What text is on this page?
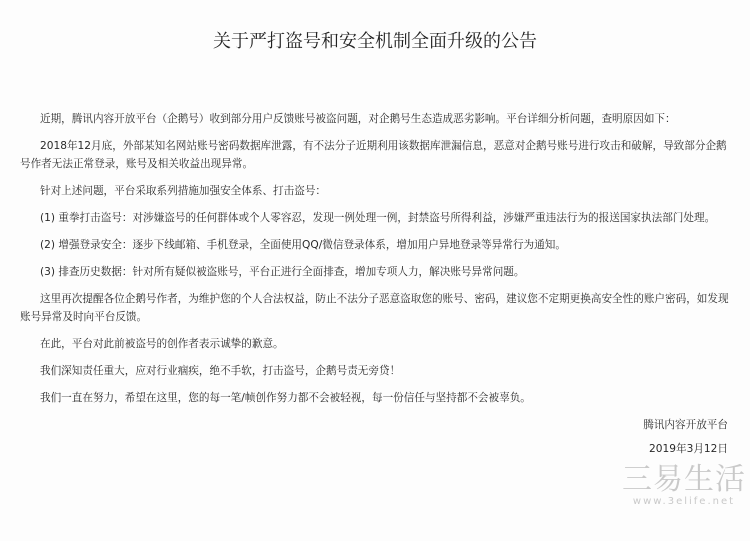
关于严打盗号和安全机制全面升级的公告

近期，腾讯内容开放平台（企鹅号）收到部分用户反馈账号被盗问题，对企鹅号生态造成恶劣影响。平台详细分析问题，查明原因如下：

2018年12月底，外部某知名网站账号密码数据库泄露，有不法分子近期利用该数据库泄漏信息，恶意对企鹅号账号进行攻击和破解，导致部分企鹅号作者无法正常登录，账号及相关收益出现异常。

针对上述问题，平台采取系列措施加强安全体系、打击盗号：

(1) 重拳打击盗号：对涉嫌盗号的任何群体或个人零容忍，发现一例处理一例，封禁盗号所得利益，涉嫌严重违法行为的报送国家执法部门处理。

(2) 增强登录安全：逐步下线邮箱、手机登录，全面使用QQ/微信登录体系，增加用户异地登录等异常行为通知。

(3) 排查历史数据：针对所有疑似被盗账号，平台正进行全面排查，增加专项人力，解决账号异常问题。

这里再次提醒各位企鹅号作者，为维护您的个人合法权益，防止不法分子恶意盗取您的账号、密码，建议您不定期更换高安全性的账户密码，如发现账号异常及时向平台反馈。

在此，平台对此前被盗号的创作者表示诚挚的歉意。

我们深知责任重大，应对行业痼疾，绝不手软，打击盗号，企鹅号责无旁贷！

我们一直在努力，希望在这里，您的每一笔/帧创作努力都不会被轻视，每一份信任与坚持都不会被辜负。

腾讯内容开放平台
2019年3月12日
三易生活
www.3elife.net
